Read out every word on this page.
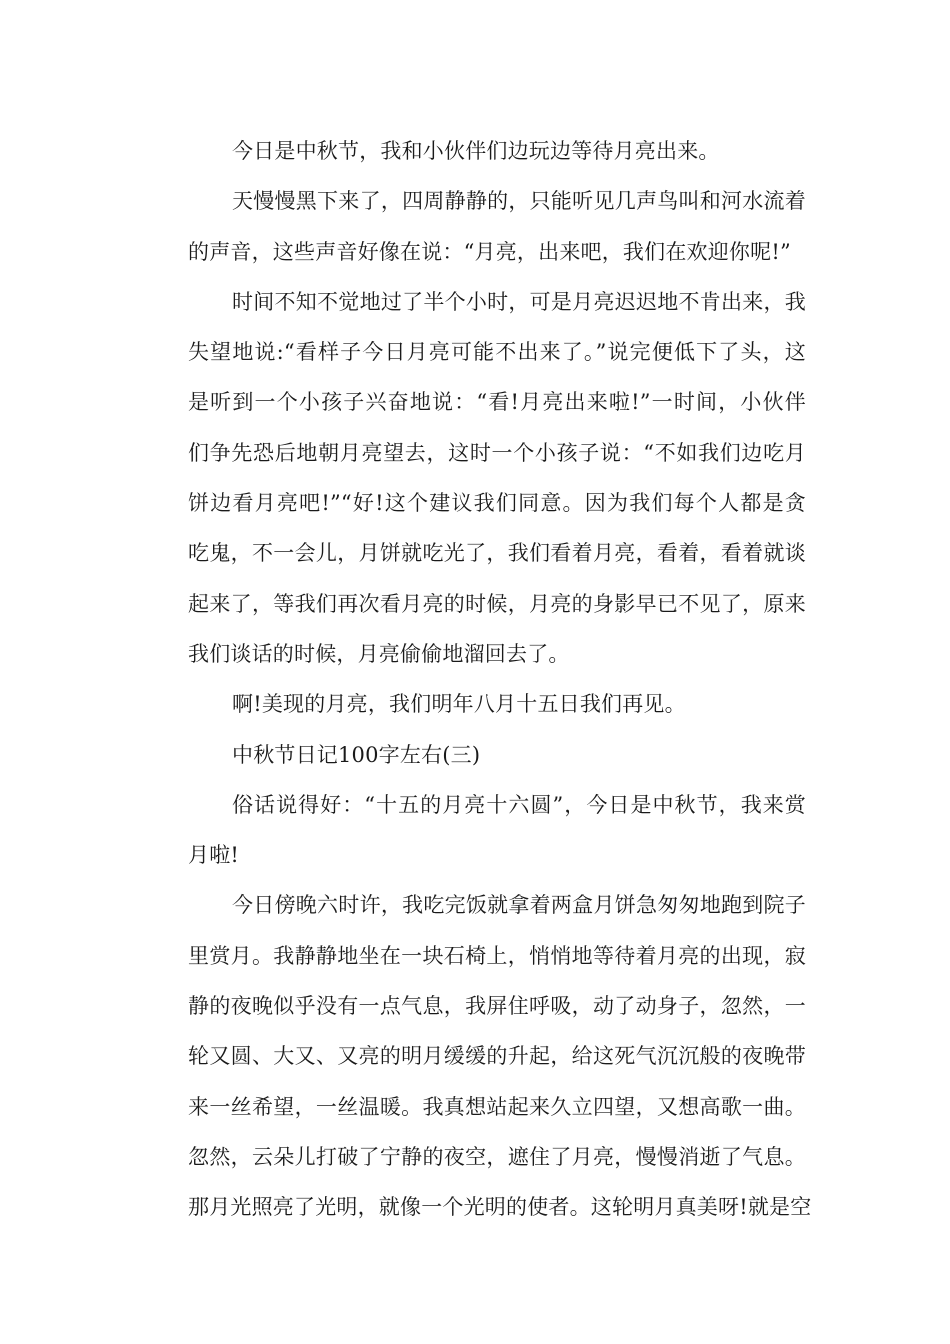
今日是中秋节，我和小伙伴们边玩边等待月亮出来。
天慢慢黑下来了，四周静静的，只能听见几声鸟叫和河水流着
的声音，这些声音好像在说：“月亮，出来吧，我们在欢迎你呢!”
时间不知不觉地过了半个小时，可是月亮迟迟地不肯出来，我
失望地说:“看样子今日月亮可能不出来了。”说完便低下了头，这
是听到一个小孩子兴奋地说：“看!月亮出来啦!”一时间，小伙伴
们争先恐后地朝月亮望去，这时一个小孩子说：“不如我们边吃月
饼边看月亮吧!”“好!这个建议我们同意。因为我们每个人都是贪
吃鬼，不一会儿，月饼就吃光了，我们看着月亮，看着，看着就谈
起来了，等我们再次看月亮的时候，月亮的身影早已不见了，原来
我们谈话的时候，月亮偷偷地溜回去了。
啊!美现的月亮，我们明年八月十五日我们再见。
中秋节日记100字左右(三)
俗话说得好：“十五的月亮十六圆”，今日是中秋节，我来赏
月啦!
今日傍晚六时许，我吃完饭就拿着两盒月饼急匆匆地跑到院子
里赏月。我静静地坐在一块石椅上，悄悄地等待着月亮的出现，寂
静的夜晚似乎没有一点气息，我屏住呼吸，动了动身子，忽然，一
轮又圆、大又、又亮的明月缓缓的升起，给这死气沉沉般的夜晚带
来一丝希望，一丝温暖。我真想站起来久立四望，又想高歌一曲。
忽然，云朵儿打破了宁静的夜空，遮住了月亮，慢慢消逝了气息。
那月光照亮了光明，就像一个光明的使者。这轮明月真美呀!就是空
